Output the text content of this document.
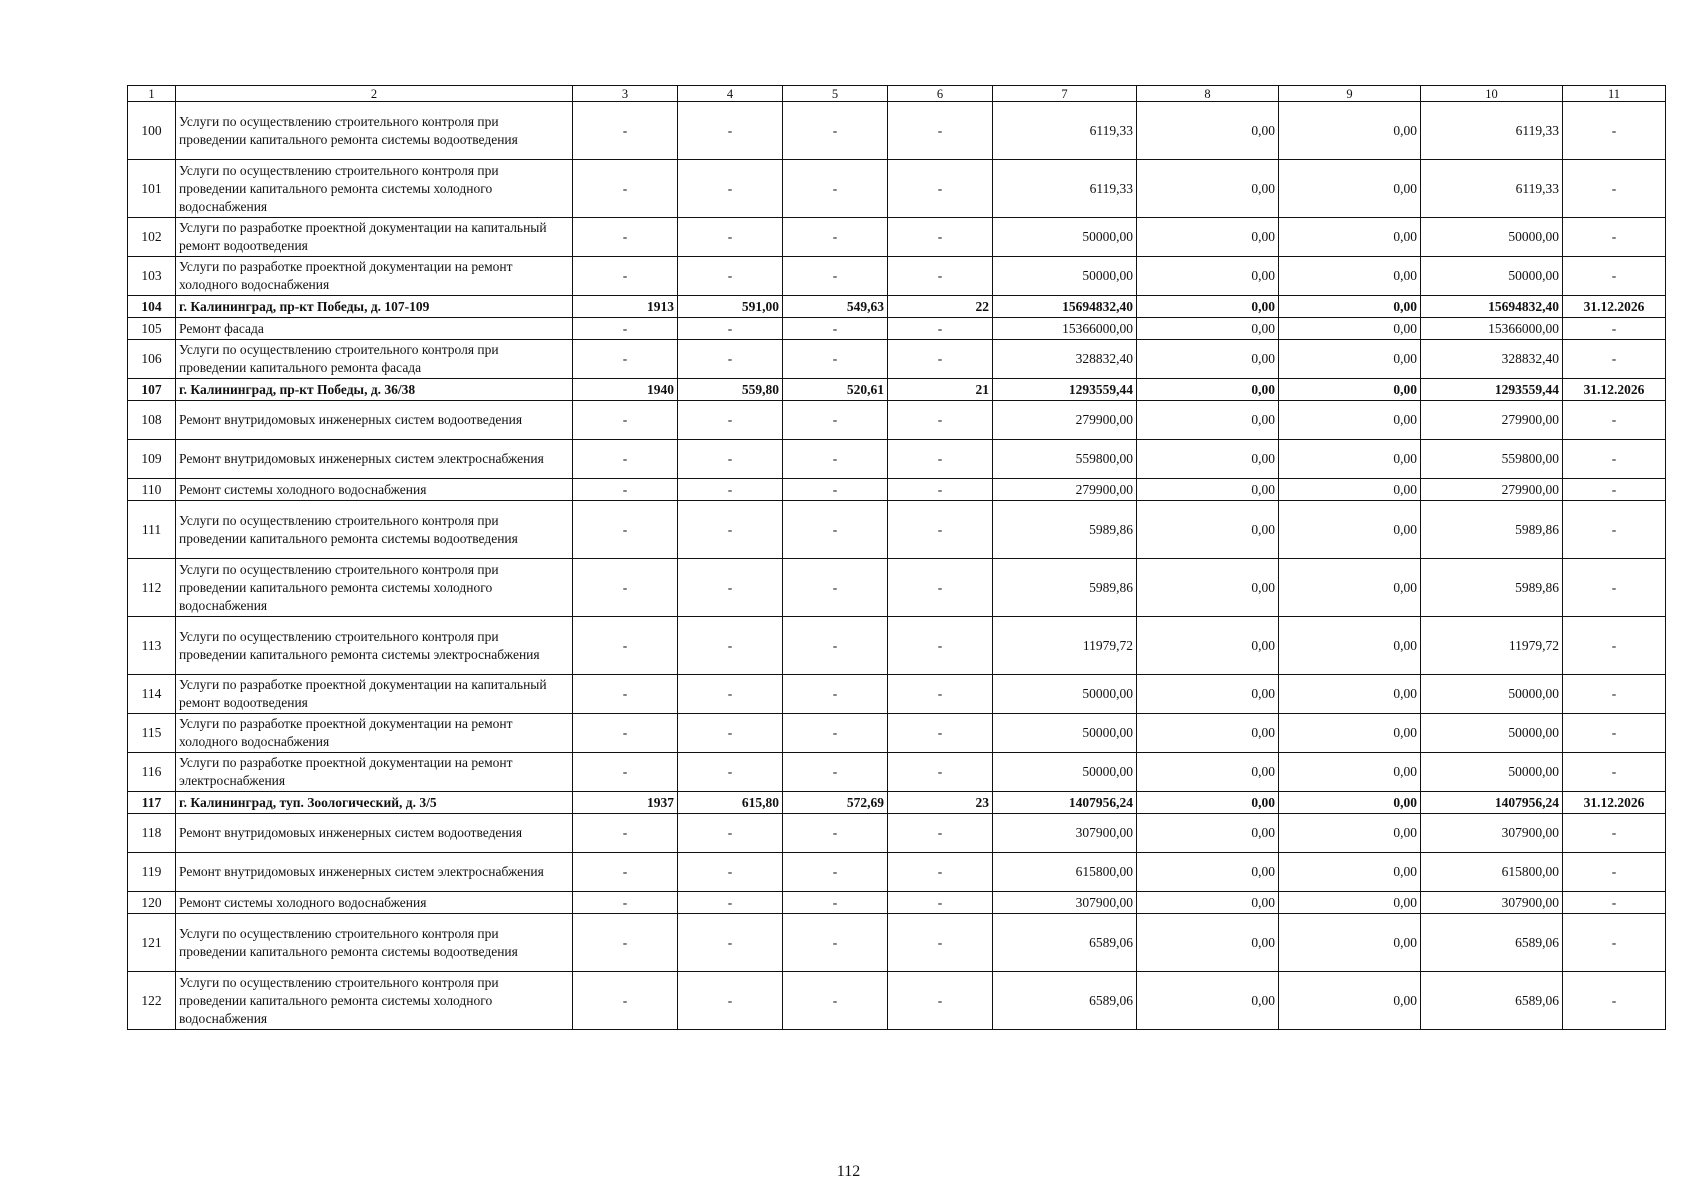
1	2	3	4	5	6	7	8	9	10	11
100	Услуги по осуществлению строительного контроля при проведении капитального ремонта системы водоотведения	-	-	-	-	6119,33	0,00	0,00	6119,33	-
101	Услуги по осуществлению строительного контроля при проведении капитального ремонта системы холодного водоснабжения	-	-	-	-	6119,33	0,00	0,00	6119,33	-
102	Услуги по разработке проектной документации на капитальный ремонт водоотведения	-	-	-	-	50000,00	0,00	0,00	50000,00	-
103	Услуги по разработке проектной документации на ремонт холодного водоснабжения	-	-	-	-	50000,00	0,00	0,00	50000,00	-
104	г. Калининград, пр-кт Победы, д. 107-109	1913	591,00	549,63	22	15694832,40	0,00	0,00	15694832,40	31.12.2026
105	Ремонт фасада	-	-	-	-	15366000,00	0,00	0,00	15366000,00	-
106	Услуги по осуществлению строительного контроля при проведении капитального ремонта фасада	-	-	-	-	328832,40	0,00	0,00	328832,40	-
107	г. Калининград, пр-кт Победы, д. 36/38	1940	559,80	520,61	21	1293559,44	0,00	0,00	1293559,44	31.12.2026
108	Ремонт внутридомовых инженерных систем водоотведения	-	-	-	-	279900,00	0,00	0,00	279900,00	-
109	Ремонт внутридомовых инженерных систем электроснабжения	-	-	-	-	559800,00	0,00	0,00	559800,00	-
110	Ремонт системы холодного водоснабжения	-	-	-	-	279900,00	0,00	0,00	279900,00	-
111	Услуги по осуществлению строительного контроля при проведении капитального ремонта системы водоотведения	-	-	-	-	5989,86	0,00	0,00	5989,86	-
112	Услуги по осуществлению строительного контроля при проведении капитального ремонта системы холодного водоснабжения	-	-	-	-	5989,86	0,00	0,00	5989,86	-
113	Услуги по осуществлению строительного контроля при проведении капитального ремонта системы электроснабжения	-	-	-	-	11979,72	0,00	0,00	11979,72	-
114	Услуги по разработке проектной документации на капитальный ремонт водоотведения	-	-	-	-	50000,00	0,00	0,00	50000,00	-
115	Услуги по разработке проектной документации на ремонт холодного водоснабжения	-	-	-	-	50000,00	0,00	0,00	50000,00	-
116	Услуги по разработке проектной документации на ремонт электроснабжения	-	-	-	-	50000,00	0,00	0,00	50000,00	-
117	г. Калининград, туп. Зоологический, д. 3/5	1937	615,80	572,69	23	1407956,24	0,00	0,00	1407956,24	31.12.2026
118	Ремонт внутридомовых инженерных систем водоотведения	-	-	-	-	307900,00	0,00	0,00	307900,00	-
119	Ремонт внутридомовых инженерных систем электроснабжения	-	-	-	-	615800,00	0,00	0,00	615800,00	-
120	Ремонт системы холодного водоснабжения	-	-	-	-	307900,00	0,00	0,00	307900,00	-
121	Услуги по осуществлению строительного контроля при проведении капитального ремонта системы водоотведения	-	-	-	-	6589,06	0,00	0,00	6589,06	-
122	Услуги по осуществлению строительного контроля при проведении капитального ремонта системы холодного водоснабжения	-	-	-	-	6589,06	0,00	0,00	6589,06	-
112
